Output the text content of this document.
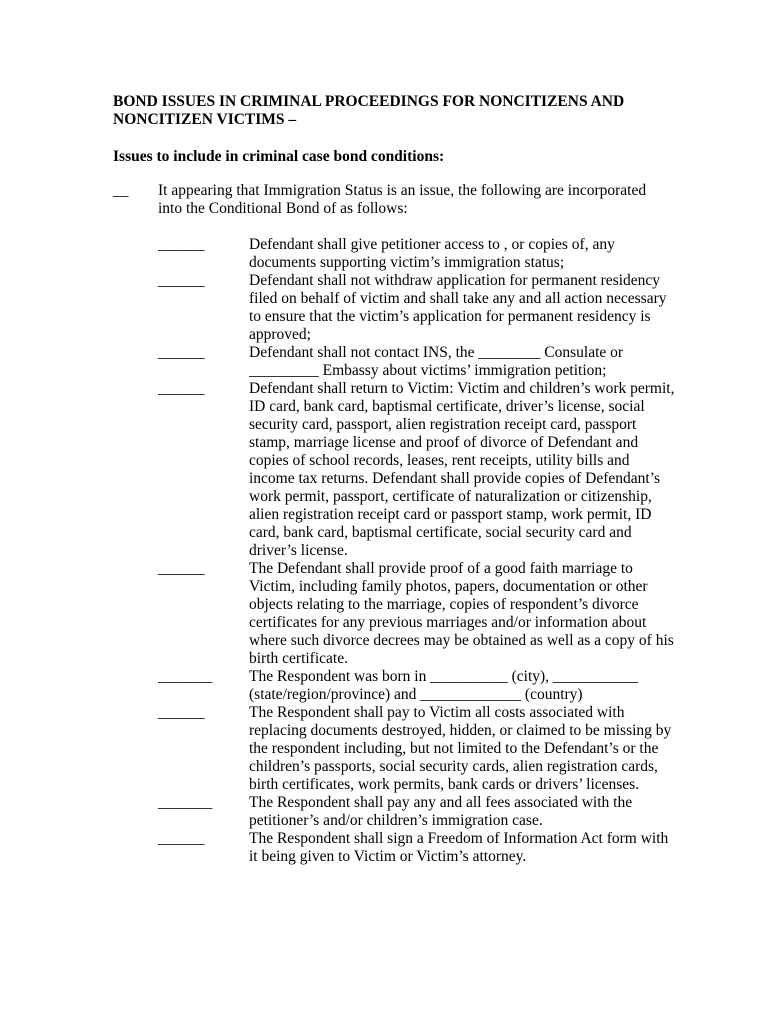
BOND ISSUES IN CRIMINAL PROCEEDINGS FOR NONCITIZENS AND NONCITIZEN VICTIMS –
Issues to include in criminal case bond conditions:
__ It appearing that Immigration Status is an issue, the following are incorporated into the Conditional Bond of as follows:

______	Defendant shall give petitioner access to , or copies of, any documents supporting victim’s immigration status;
______	Defendant shall not withdraw application for permanent residency filed on behalf of victim and shall take any and all action necessary to ensure that the victim’s application for permanent residency is approved;
______	Defendant shall not contact INS, the ________ Consulate or _________ Embassy about victims’ immigration petition;
______	Defendant shall return to Victim: Victim and children’s work permit, ID card, bank card, baptismal certificate, driver’s license, social security card, passport, alien registration receipt card, passport stamp, marriage license and proof of divorce of Defendant and copies of school records, leases, rent receipts, utility bills and income tax returns. Defendant shall provide copies of Defendant’s work permit, passport, certificate of naturalization or citizenship, alien registration receipt card or passport stamp, work permit, ID card, bank card, baptismal certificate, social security card and driver’s license.
______	The Defendant shall provide proof of a good faith marriage to Victim, including family photos, papers, documentation or other objects relating to the marriage, copies of respondent’s divorce certificates for any previous marriages and/or information about where such divorce decrees may be obtained as well as a copy of his birth certificate.
_______	The Respondent was born in __________ (city), ___________ (state/region/province) and _____________ (country)
______	The Respondent shall pay to Victim all costs associated with replacing documents destroyed, hidden, or claimed to be missing by the respondent including, but not limited to the Defendant’s or the children’s passports, social security cards, alien registration cards, birth certificates, work permits, bank cards or drivers’ licenses.
_______	The Respondent shall pay any and all fees associated with the petitioner’s and/or children’s immigration case.
______	The Respondent shall sign a Freedom of Information Act form with it being given to Victim or Victim’s attorney.
